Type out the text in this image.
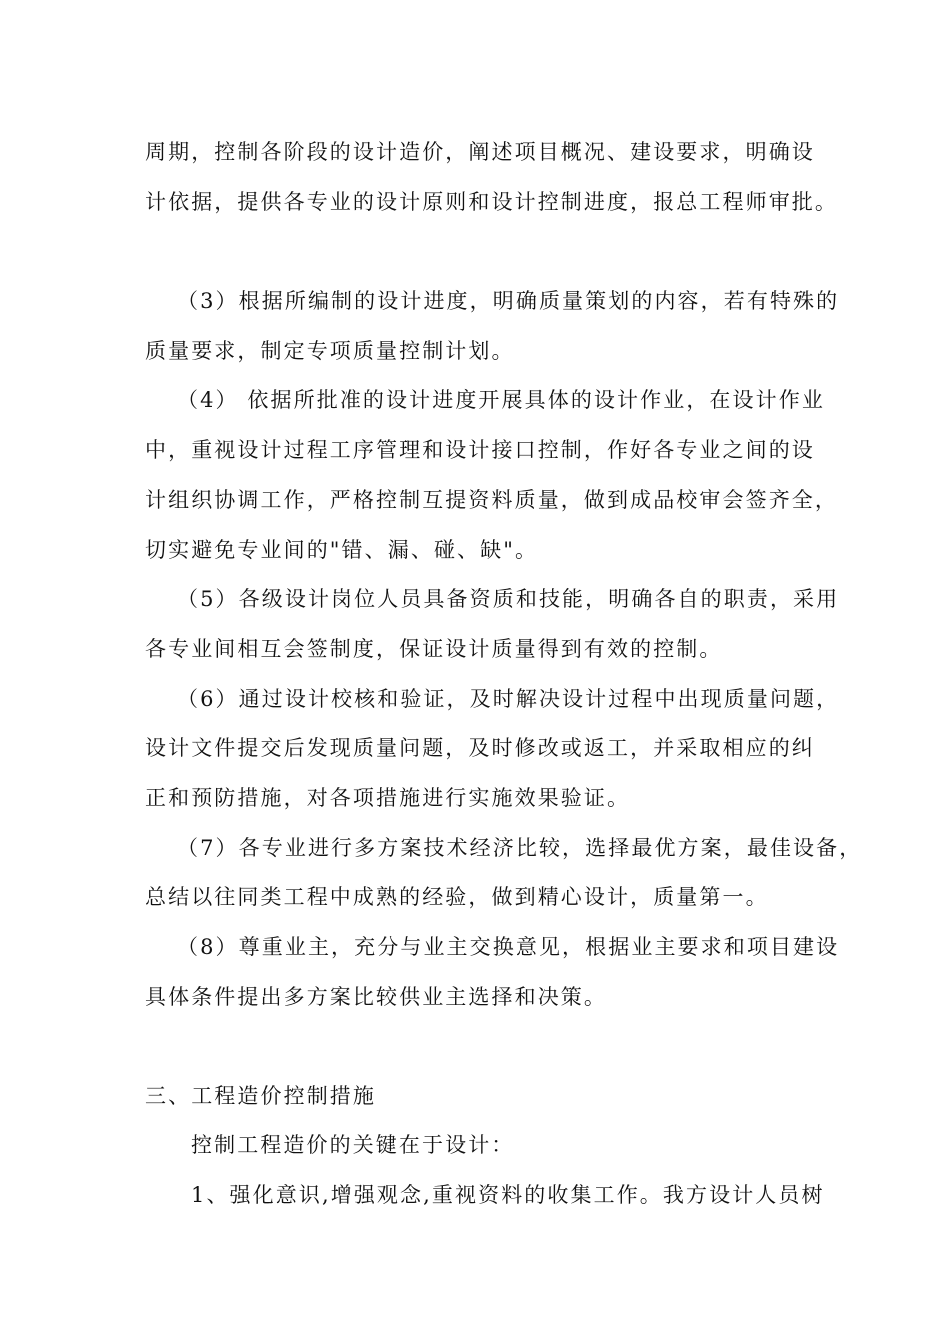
周期，控制各阶段的设计造价，阐述项目概况、建设要求，明确设
计依据，提供各专业的设计原则和设计控制进度，报总工程师审批。
（3）根据所编制的设计进度，明确质量策划的内容，若有特殊的
质量要求，制定专项质量控制计划。
（4） 依据所批准的设计进度开展具体的设计作业，在设计作业
中，重视设计过程工序管理和设计接口控制，作好各专业之间的设
计组织协调工作，严格控制互提资料质量，做到成品校审会签齐全，
切实避免专业间的"错、漏、碰、缺"。
（5）各级设计岗位人员具备资质和技能，明确各自的职责，采用
各专业间相互会签制度，保证设计质量得到有效的控制。
（6）通过设计校核和验证，及时解决设计过程中出现质量问题，
设计文件提交后发现质量问题，及时修改或返工，并采取相应的纠
正和预防措施，对各项措施进行实施效果验证。
（7）各专业进行多方案技术经济比较，选择最优方案，最佳设备，
总结以往同类工程中成熟的经验，做到精心设计，质量第一。
（8）尊重业主，充分与业主交换意见，根据业主要求和项目建设
具体条件提出多方案比较供业主选择和决策。
三、工程造价控制措施
控制工程造价的关键在于设计：
1、强化意识,增强观念,重视资料的收集工作。我方设计人员树
